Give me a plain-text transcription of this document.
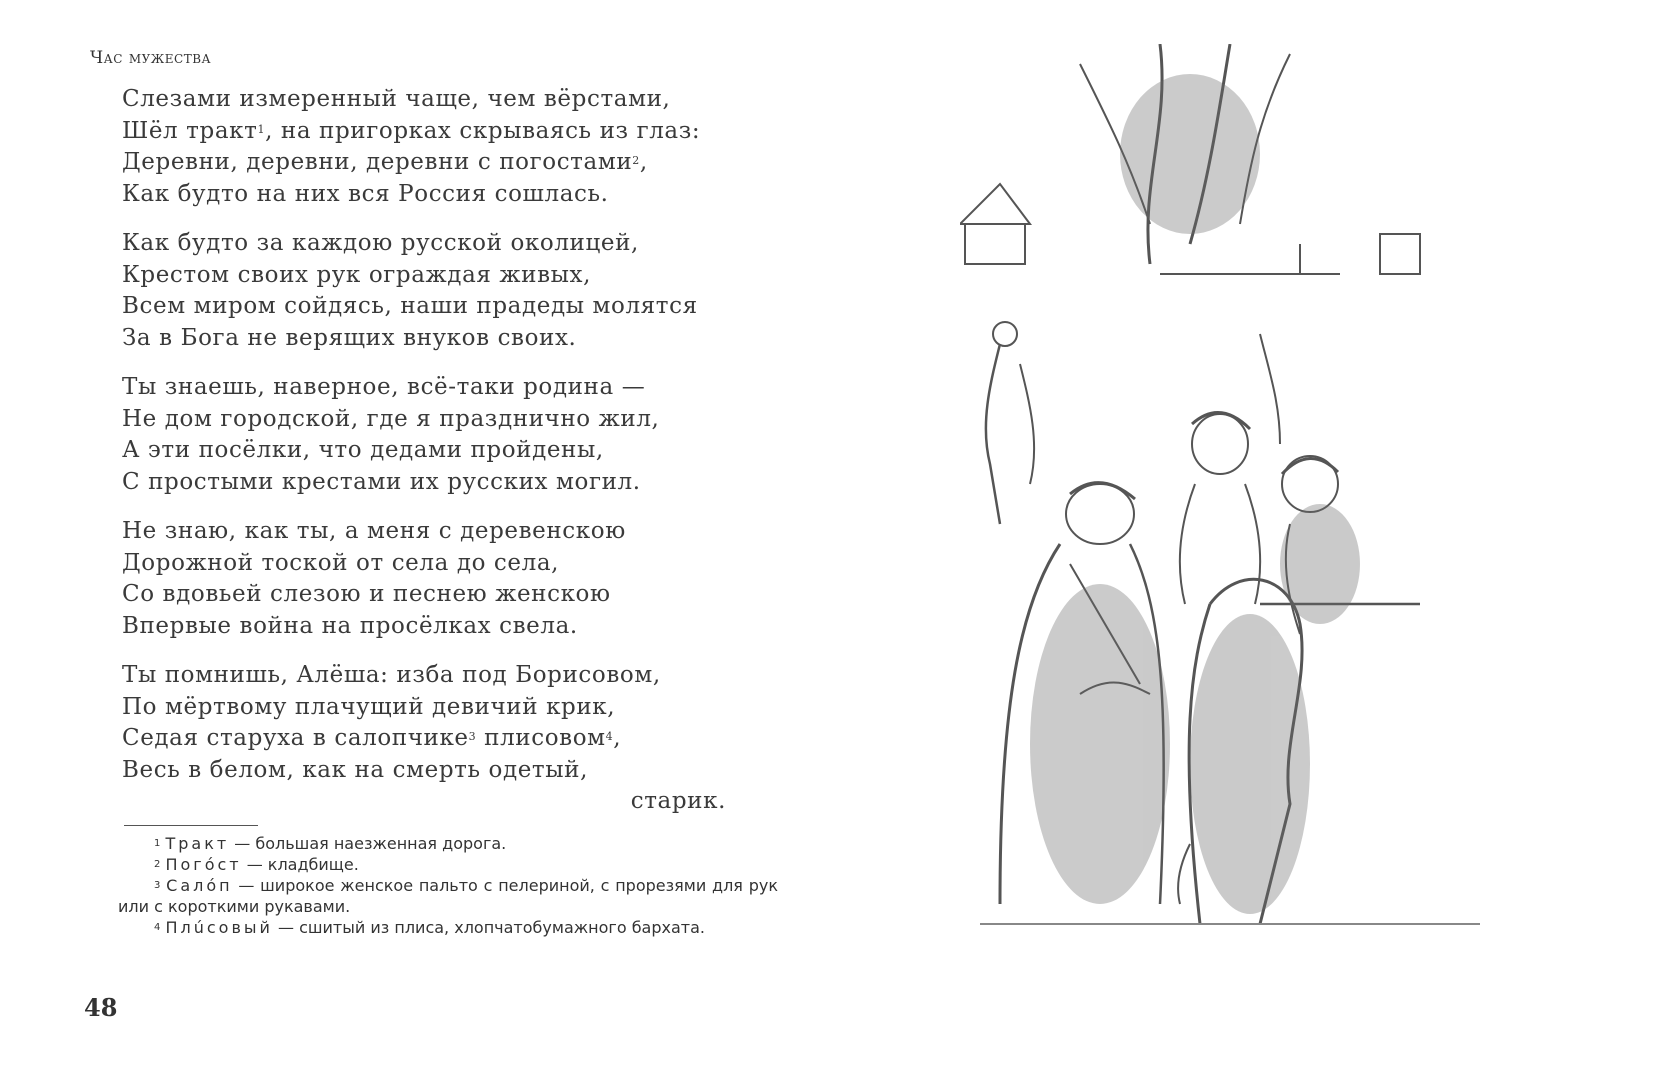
Час мужества
Слезами измеренный чаще, чем вёрстами,
Шёл тракт$^1$, на пригорках скрываясь из глаз:
Деревни, деревни, деревни с погостами$^2$,
Как будто на них вся Россия сошлась.
Как будто за каждою русской околицей,
Крестом своих рук ограждая живых,
Всем миром сойдясь, наши прадеды молятся
За в Бога не верящих внуков своих.
Ты знаешь, наверное, всё-таки родина —
Не дом городской, где я празднично жил,
А эти посёлки, что дедами пройдены,
С простыми крестами их русских могил.
Не знаю, как ты, а меня с деревенскою
Дорожной тоской от села до села,
Со вдовьей слезою и песнею женскою
Впервые война на просёлках свела.
Ты помнишь, Алёша: изба под Борисовом,
По мёртвому плачущий девичий крик,
Седая старуха в салопчике$^3$ плисовом$^4$,
Весь в белом, как на смерть одетый,
старик.
$^1$ Тракт — большая наезженная дорога.
$^2$ Погóст — кладбище.
$^3$ Салóп — широкое женское пальто с пелериной, с прорезями для рук или с короткими рукавами.
$^4$ Плúсовый — сшитый из плиса, хлопчатобумажного бархата.
48
